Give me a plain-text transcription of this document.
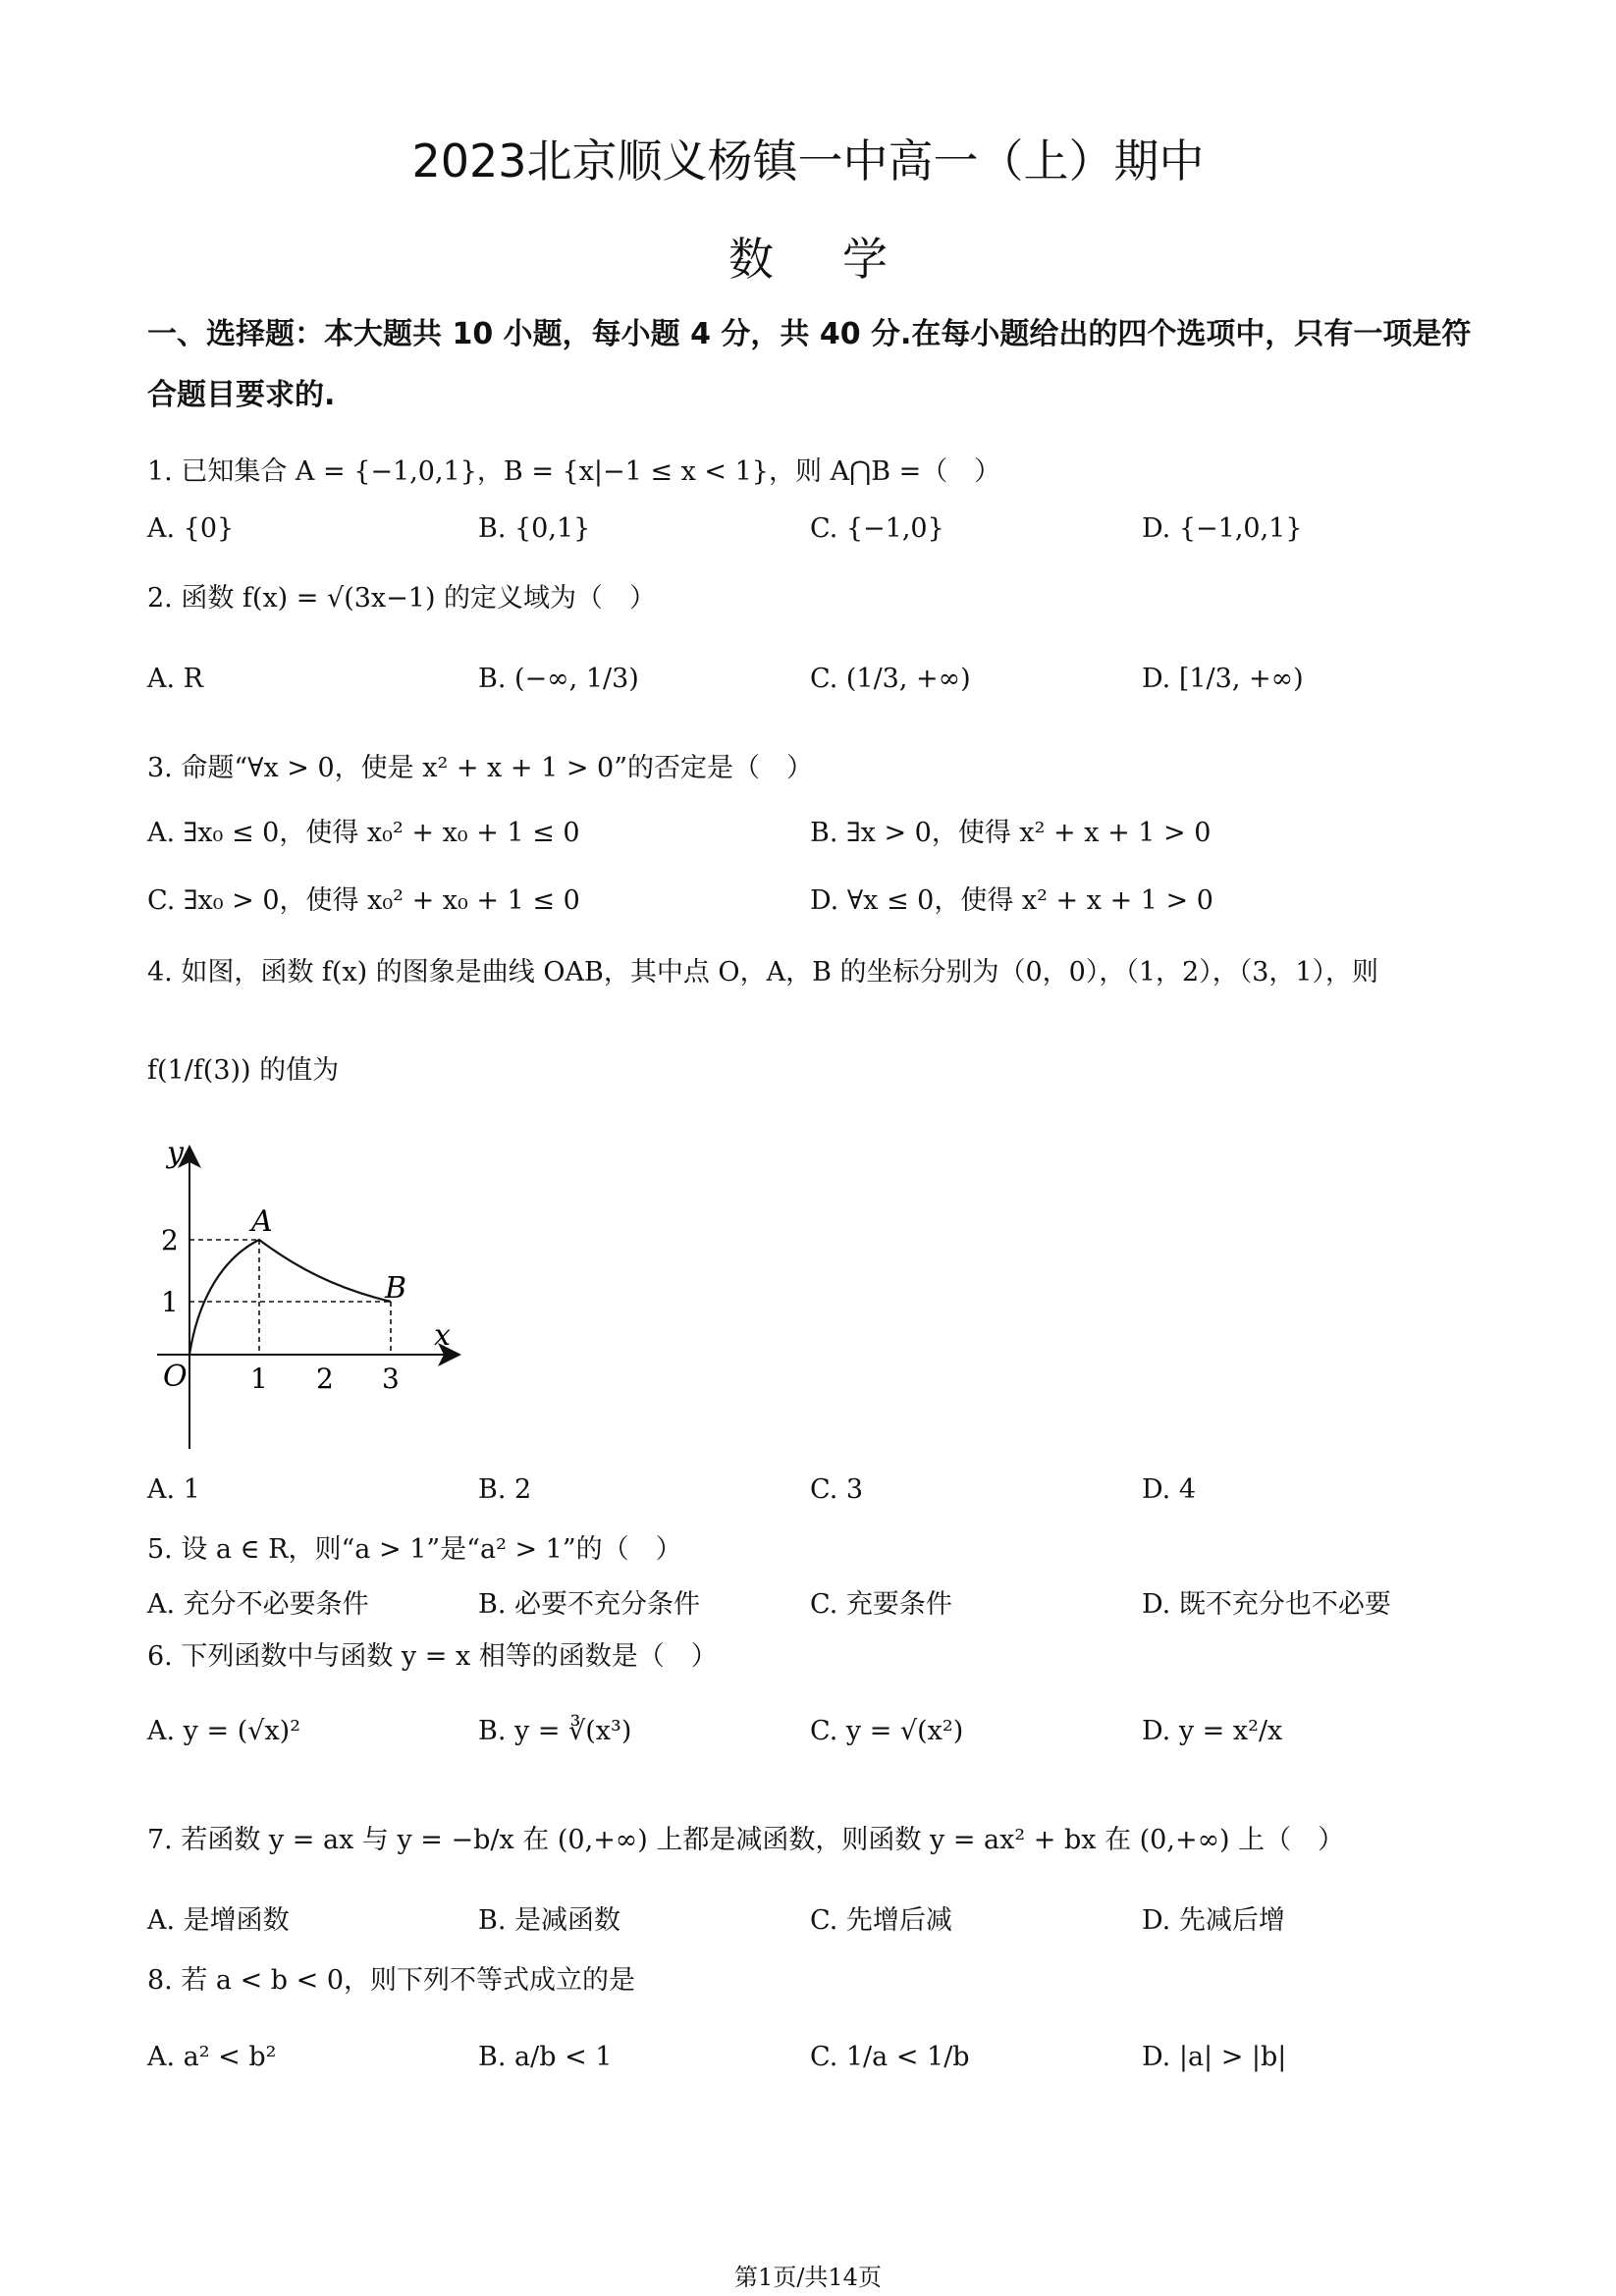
2023北京顺义杨镇一中高一（上）期中
数学
一、选择题：本大题共 10 小题，每小题 4 分，共 40 分.在每小题给出的四个选项中，只有一项是符合题目要求的.
1. 已知集合 A = {−1,0,1}，B = {x|−1 ≤ x < 1}，则 A⋂B =（　）
A. {0}	B. {0,1}	C. {−1,0}	D. {−1,0,1}
2. 函数 f(x) = √(3x−1) 的定义域为（　）
A. R	B. (−∞, 1/3)	C. (1/3, +∞)	D. [1/3, +∞)
3. 命题“∀x > 0，使是 x² + x + 1 > 0”的否定是（　）
A. ∃x₀ ≤ 0，使得 x₀² + x₀ + 1 ≤ 0	B. ∃x > 0，使得 x² + x + 1 > 0
C. ∃x₀ > 0，使得 x₀² + x₀ + 1 ≤ 0	D. ∀x ≤ 0，使得 x² + x + 1 > 0
4. 如图，函数 f(x) 的图象是曲线 OAB，其中点 O，A，B 的坐标分别为（0，0），（1，2），（3，1），则
f(1/f(3)) 的值为
y
x
O
A
B
2
1
1 2 3
A. 1	B. 2	C. 3	D. 4
5. 设 a ∈ R，则“a > 1”是“a² > 1”的（　）
A. 充分不必要条件	B. 必要不充分条件	C. 充要条件	D. 既不充分也不必要
6. 下列函数中与函数 y = x 相等的函数是（　）
A. y = (√x)²	B. y = ∛(x³)	C. y = √(x²)	D. y = x²/x
7. 若函数 y = ax 与 y = −b/x 在 (0,+∞) 上都是减函数，则函数 y = ax² + bx 在 (0,+∞) 上（　）
A. 是增函数	B. 是减函数	C. 先增后减	D. 先减后增
8. 若 a < b < 0，则下列不等式成立的是
A. a² < b²	B. a/b < 1	C. 1/a < 1/b	D. |a| > |b|
第1页/共14页
